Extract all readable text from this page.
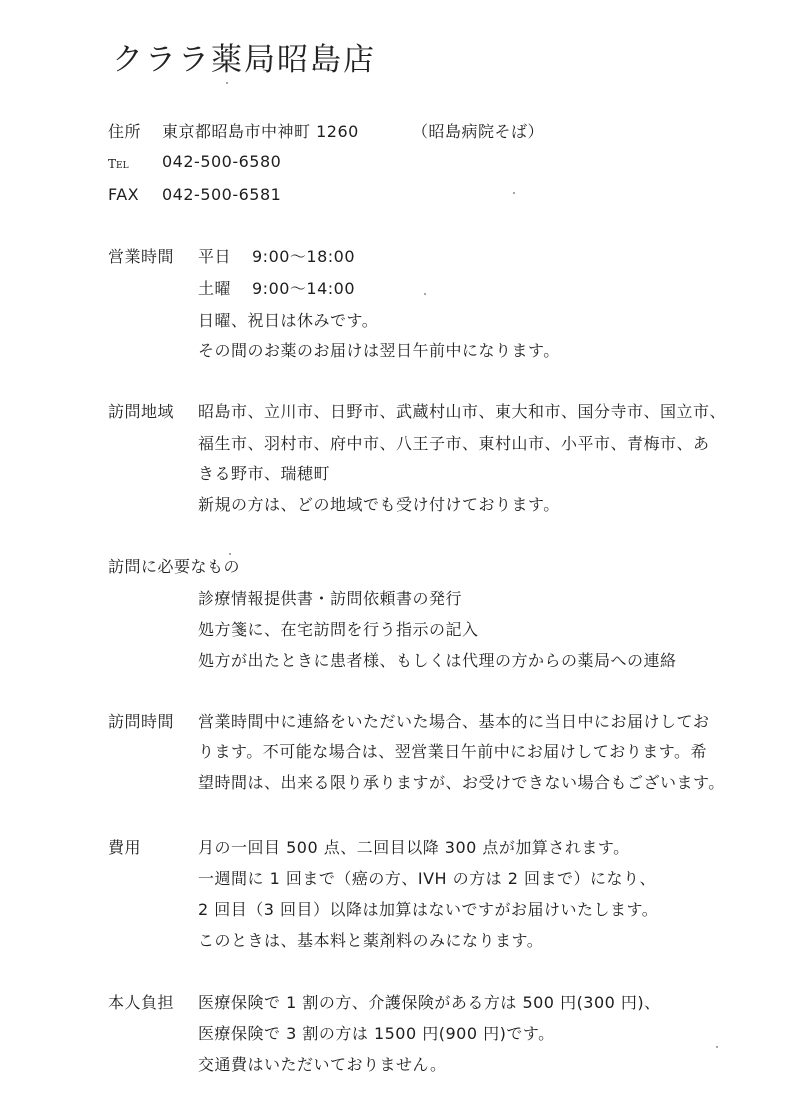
クララ薬局昭島店
住所 東京都昭島市中神町 1260	（昭島病院そば）
TEL 042-500-6580
FAX 042-500-6581
営業時間 平日 9:00～18:00
土曜 9:00～14:00
日曜、祝日は休みです。
その間のお薬のお届けは翌日午前中になります。
訪問地域 昭島市、立川市、日野市、武蔵村山市、東大和市、国分寺市、国立市、
福生市、羽村市、府中市、八王子市、東村山市、小平市、青梅市、あ
きる野市、瑞穂町
新規の方は、どの地域でも受け付けております。
訪問に必要なもの
診療情報提供書・訪問依頼書の発行
処方箋に、在宅訪問を行う指示の記入
処方が出たときに患者様、もしくは代理の方からの薬局への連絡
訪問時間 営業時間中に連絡をいただいた場合、基本的に当日中にお届けしてお
ります。不可能な場合は、翌営業日午前中にお届けしております。希
望時間は、出来る限り承りますが、お受けできない場合もございます。
費用	月の一回目 500 点、二回目以降 300 点が加算されます。
一週間に 1 回まで（癌の方、IVH の方は 2 回まで）になり、
2 回目（3 回目）以降は加算はないですがお届けいたします。
このときは、基本料と薬剤料のみになります。
本人負担 医療保険で 1 割の方、介護保険がある方は 500 円(300 円)、
医療保険で 3 割の方は 1500 円(900 円)です。
交通費はいただいておりません。
